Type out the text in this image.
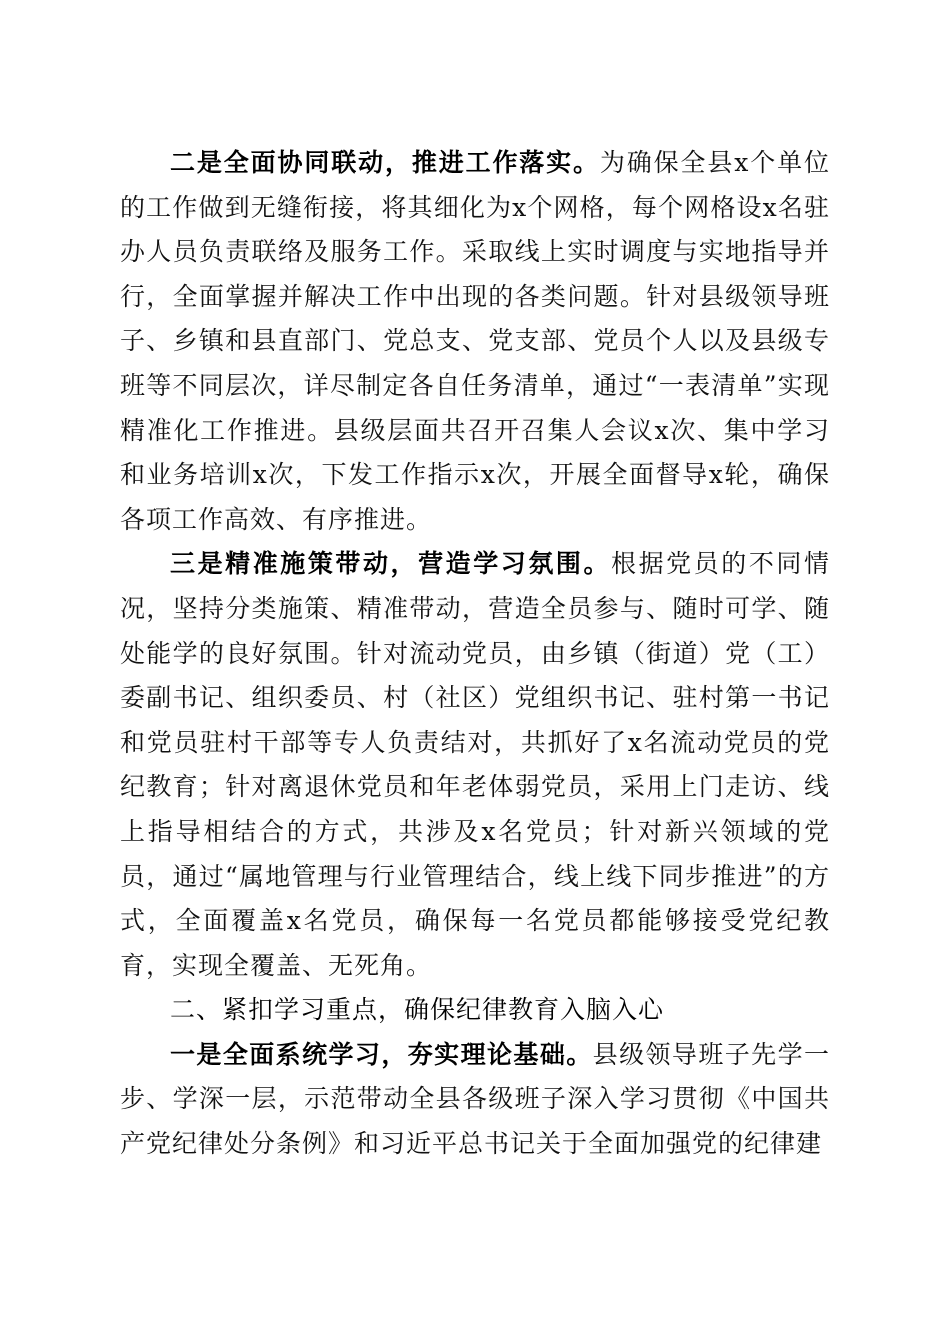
二是全面协同联动，推进工作落实。为确保全县x个单位的工作做到无缝衔接，将其细化为x个网格，每个网格设x名驻办人员负责联络及服务工作。采取线上实时调度与实地指导并行，全面掌握并解决工作中出现的各类问题。针对县级领导班子、乡镇和县直部门、党总支、党支部、党员个人以及县级专班等不同层次，详尽制定各自任务清单，通过“一表清单”实现精准化工作推进。县级层面共召开召集人会议x次、集中学习和业务培训x次，下发工作指示x次，开展全面督导x轮，确保各项工作高效、有序推进。

三是精准施策带动，营造学习氛围。根据党员的不同情况，坚持分类施策、精准带动，营造全员参与、随时可学、随处能学的良好氛围。针对流动党员，由乡镇（街道）党（工）委副书记、组织委员、村（社区）党组织书记、驻村第一书记和党员驻村干部等专人负责结对，共抓好了x名流动党员的党纪教育；针对离退休党员和年老体弱党员，采用上门走访、线上指导相结合的方式，共涉及x名党员；针对新兴领域的党员，通过“属地管理与行业管理结合，线上线下同步推进”的方式，全面覆盖x名党员，确保每一名党员都能够接受党纪教育，实现全覆盖、无死角。

二、紧扣学习重点，确保纪律教育入脑入心

一是全面系统学习，夯实理论基础。县级领导班子先学一步、学深一层，示范带动全县各级班子深入学习贯彻《中国共产党纪律处分条例》和习近平总书记关于全面加强党的纪律建
